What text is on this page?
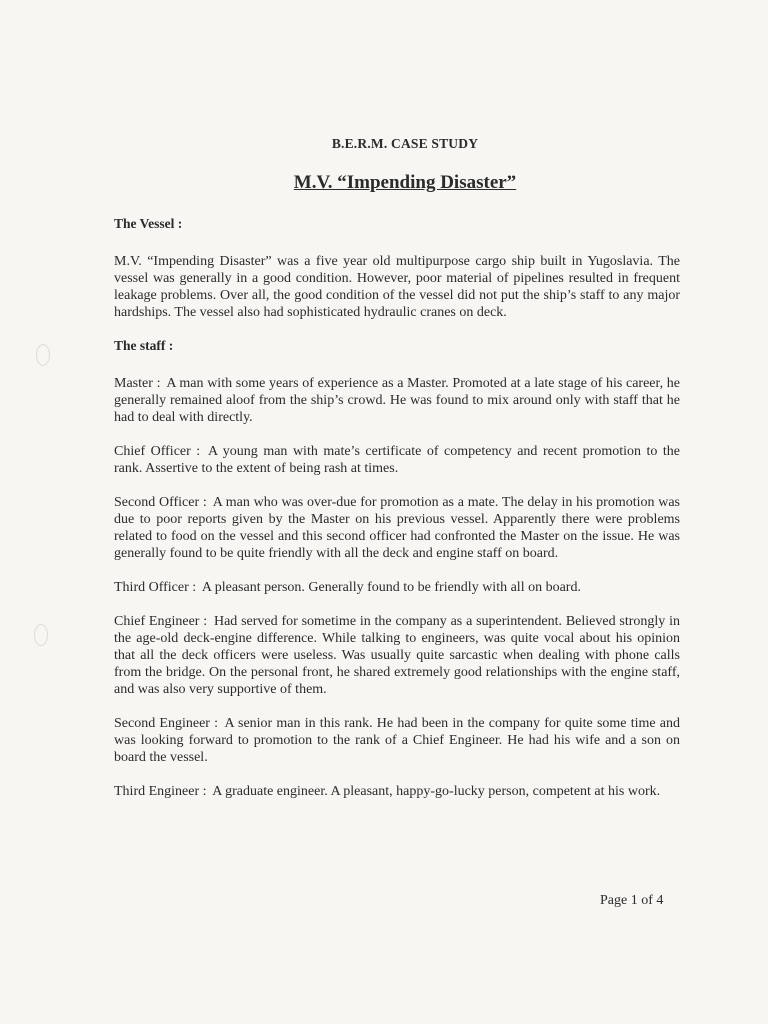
B.E.R.M. CASE STUDY

M.V. “Impending Disaster”
The Vessel :

M.V. “Impending Disaster” was a five year old multipurpose cargo ship built in Yugoslavia. The vessel was generally in a good condition. However, poor material of pipelines resulted in frequent leakage problems. Over all, the good condition of the vessel did not put the ship’s staff to any major hardships. The vessel also had sophisticated hydraulic cranes on deck.

The staff :

Master : A man with some years of experience as a Master. Promoted at a late stage of his career, he generally remained aloof from the ship’s crowd. He was found to mix around only with staff that he had to deal with directly.

Chief Officer : A young man with mate’s certificate of competency and recent promotion to the rank. Assertive to the extent of being rash at times.

Second Officer : A man who was over-due for promotion as a mate. The delay in his promotion was due to poor reports given by the Master on his previous vessel. Apparently there were problems related to food on the vessel and this second officer had confronted the Master on the issue. He was generally found to be quite friendly with all the deck and engine staff on board.

Third Officer : A pleasant person. Generally found to be friendly with all on board.

Chief Engineer : Had served for sometime in the company as a superintendent. Believed strongly in the age-old deck-engine difference. While talking to engineers, was quite vocal about his opinion that all the deck officers were useless. Was usually quite sarcastic when dealing with phone calls from the bridge. On the personal front, he shared extremely good relationships with the engine staff, and was also very supportive of them.

Second Engineer : A senior man in this rank. He had been in the company for quite some time and was looking forward to promotion to the rank of a Chief Engineer. He had his wife and a son on board the vessel.

Third Engineer : A graduate engineer. A pleasant, happy-go-lucky person, competent at his work.

Page 1 of 4
